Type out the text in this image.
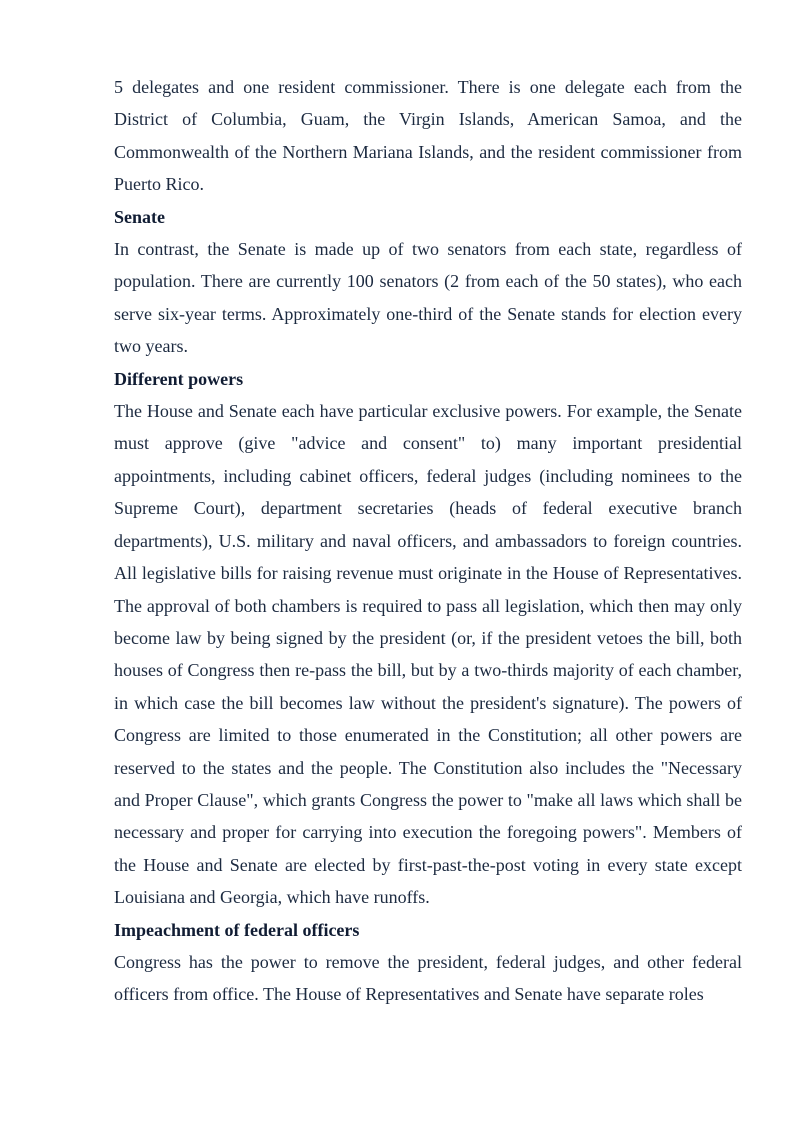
5 delegates and one resident commissioner. There is one delegate each from the District of Columbia, Guam, the Virgin Islands, American Samoa, and the Commonwealth of the Northern Mariana Islands, and the resident commissioner from Puerto Rico.

Senate

In contrast, the Senate is made up of two senators from each state, regardless of population. There are currently 100 senators (2 from each of the 50 states), who each serve six-year terms. Approximately one-third of the Senate stands for election every two years.

Different powers

The House and Senate each have particular exclusive powers. For example, the Senate must approve (give "advice and consent" to) many important presidential appointments, including cabinet officers, federal judges (including nominees to the Supreme Court), department secretaries (heads of federal executive branch departments), U.S. military and naval officers, and ambassadors to foreign countries. All legislative bills for raising revenue must originate in the House of Representatives. The approval of both chambers is required to pass all legislation, which then may only become law by being signed by the president (or, if the president vetoes the bill, both houses of Congress then re-pass the bill, but by a two-thirds majority of each chamber, in which case the bill becomes law without the president's signature). The powers of Congress are limited to those enumerated in the Constitution; all other powers are reserved to the states and the people. The Constitution also includes the "Necessary and Proper Clause", which grants Congress the power to "make all laws which shall be necessary and proper for carrying into execution the foregoing powers". Members of the House and Senate are elected by first-past-the-post voting in every state except Louisiana and Georgia, which have runoffs.

Impeachment of federal officers

Congress has the power to remove the president, federal judges, and other federal officers from office. The House of Representatives and Senate have separate roles
